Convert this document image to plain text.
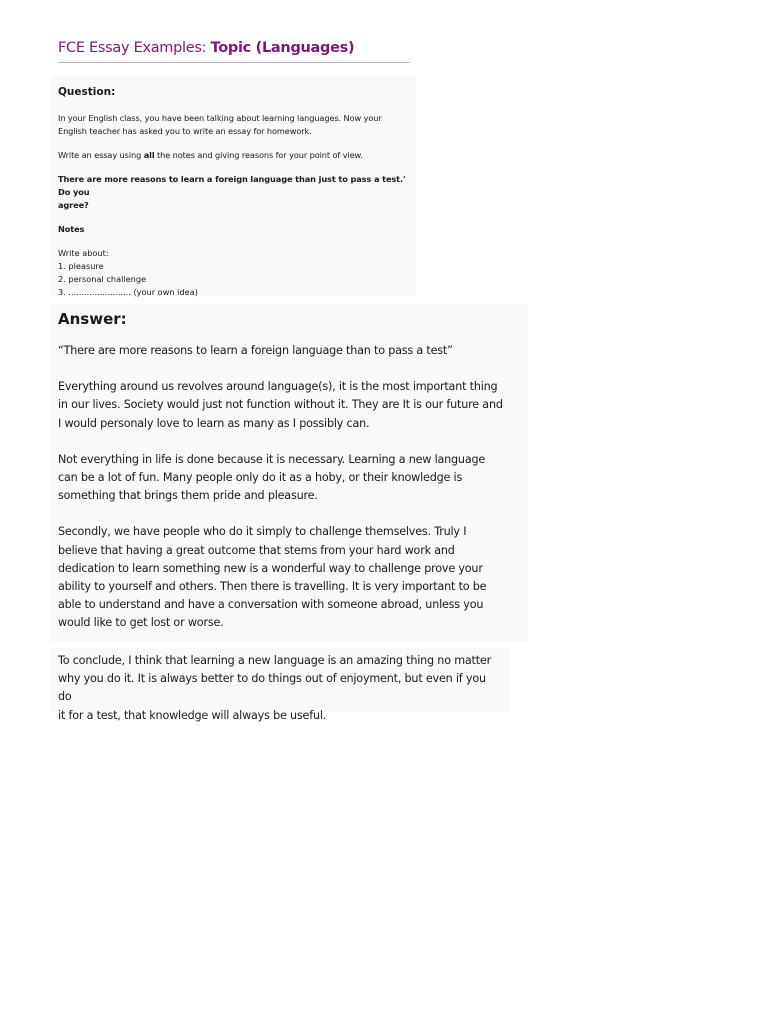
FCE Essay Examples: Topic (Languages)

Question:

In your English class, you have been talking about learning languages. Now your
English teacher has asked you to write an essay for homework.

Write an essay using all the notes and giving reasons for your point of view.

There are more reasons to learn a foreign language than just to pass a test.' Do you
agree?

Notes

Write about:
1. pleasure
2. personal challenge
3. ........................ (your own idea)

Answer:

“There are more reasons to learn a foreign language than to pass a test”

Everything around us revolves around language(s), it is the most important thing
in our lives. Society would just not function without it. They are It is our future and
I would personaly love to learn as many as I possibly can.

Not everything in life is done because it is necessary. Learning a new language
can be a lot of fun. Many people only do it as a hoby, or their knowledge is
something that brings them pride and pleasure.

Secondly, we have people who do it simply to challenge themselves. Truly I
believe that having a great outcome that stems from your hard work and
dedication to learn something new is a wonderful way to challenge prove your
ability to yourself and others. Then there is travelling. It is very important to be
able to understand and have a conversation with someone abroad, unless you
would like to get lost or worse.

To conclude, I think that learning a new language is an amazing thing no matter
why you do it. It is always better to do things out of enjoyment, but even if you do
it for a test, that knowledge will always be useful.
